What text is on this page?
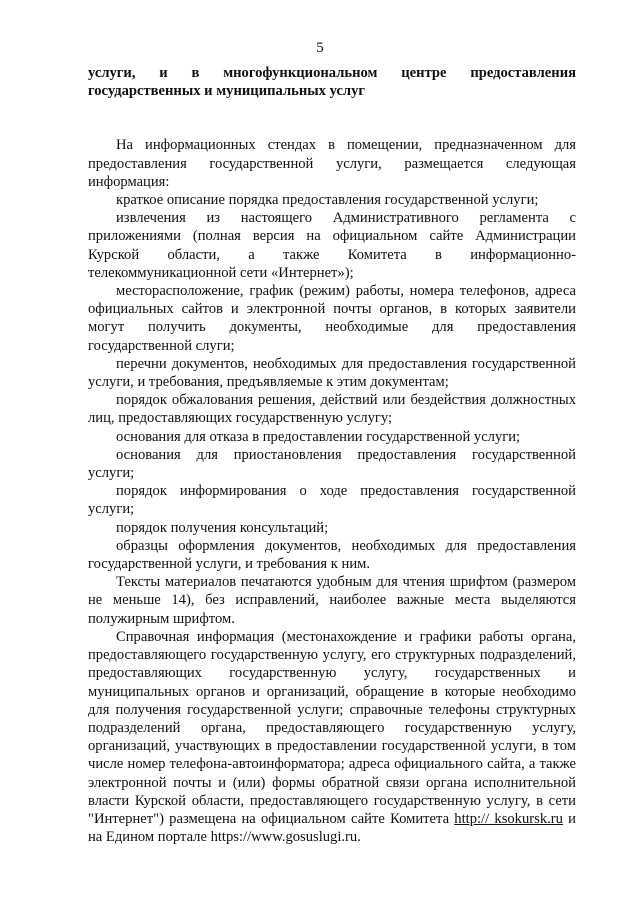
5
услуги, и в многофункциональном центре предоставления государственных и муниципальных услуг

На информационных стендах в помещении, предназначенном для предоставления государственной услуги, размещается следующая информация:

краткое описание порядка предоставления государственной услуги;

извлечения из настоящего Административного регламента с приложениями (полная версия на официальном сайте Администрации Курской области, а также Комитета в информационно-телекоммуникационной сети «Интернет»);

месторасположение, график (режим) работы, номера телефонов, адреса официальных сайтов и электронной почты органов, в которых заявители могут получить документы, необходимые для предоставления государственной слуги;

перечни документов, необходимых для предоставления государственной услуги, и требования, предъявляемые к этим документам;

порядок обжалования решения, действий или бездействия должностных лиц, предоставляющих государственную услугу;

основания для отказа в предоставлении государственной услуги;

основания для приостановления предоставления государственной услуги;

порядок информирования о ходе предоставления государственной услуги;

порядок получения консультаций;

образцы оформления документов, необходимых для предоставления государственной услуги, и требования к ним.

Тексты материалов печатаются удобным для чтения шрифтом (размером не меньше 14), без исправлений, наиболее важные места выделяются полужирным шрифтом.

Справочная информация (местонахождение и графики работы органа, предоставляющего государственную услугу, его структурных подразделений, предоставляющих государственную услугу, государственных и муниципальных органов и организаций, обращение в которые необходимо для получения государственной услуги; справочные телефоны структурных подразделений органа, предоставляющего государственную услугу, организаций, участвующих в предоставлении государственной услуги, в том числе номер телефона-автоинформатора; адреса официального сайта, а также электронной почты и (или) формы обратной связи органа исполнительной власти Курской области, предоставляющего государственную услугу, в сети "Интернет") размещена на официальном сайте Комитета http:// ksokursk.ru и на Едином портале https://www.gosuslugi.ru.
